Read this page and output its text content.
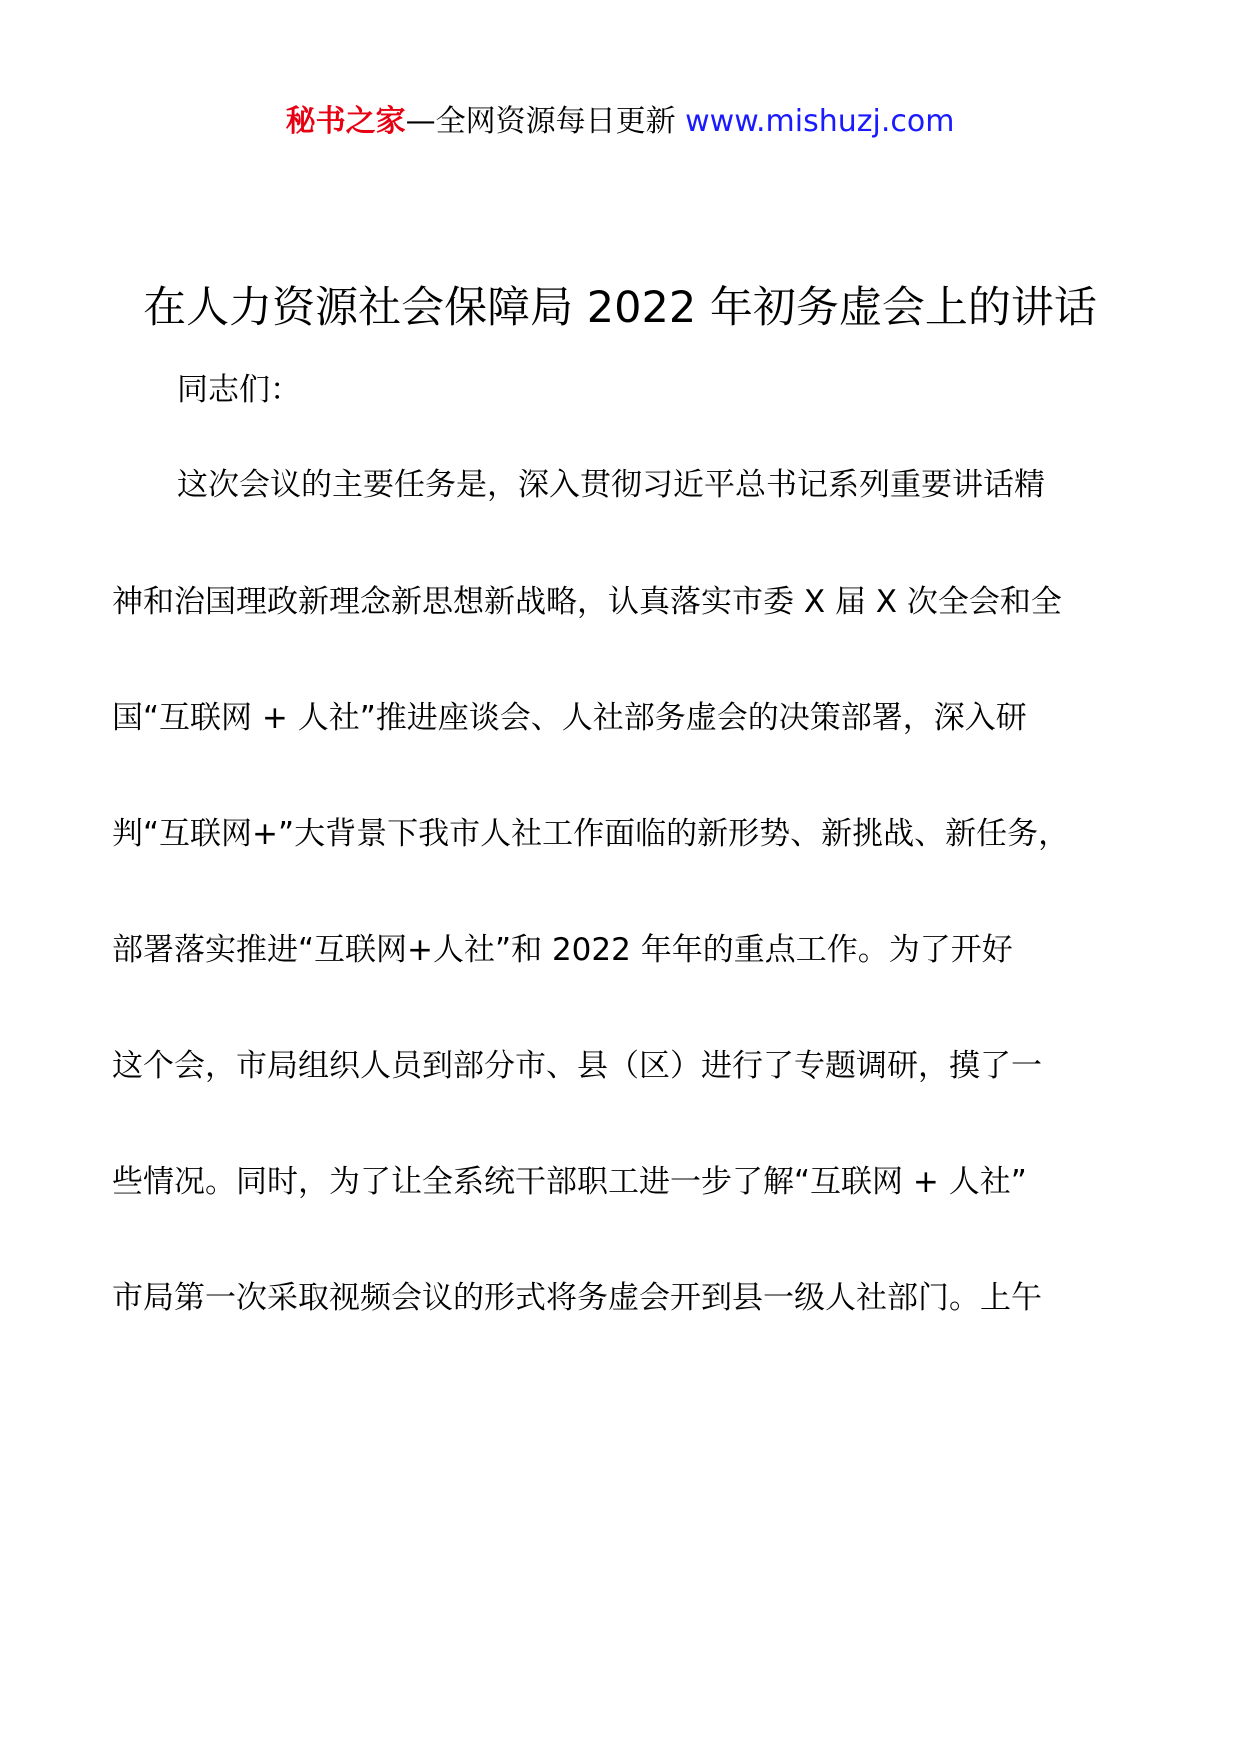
秘书之家—全网资源每日更新 www.mishuzj.com
在人力资源社会保障局 2022 年初务虚会上的讲话
同志们：
这次会议的主要任务是，深入贯彻习近平总书记系列重要讲话精
神和治国理政新理念新思想新战略，认真落实市委 X 届 X 次全会和全
国“互联网 + 人社”推进座谈会、人社部务虚会的决策部署，深入研
判“互联网+”大背景下我市人社工作面临的新形势、新挑战、新任务，
部署落实推进“互联网+人社”和 2022 年年的重点工作。为了开好
这个会，市局组织人员到部分市、县（区）进行了专题调研，摸了一
些情况。同时，为了让全系统干部职工进一步了解“互联网 + 人社”
市局第一次采取视频会议的形式将务虚会开到县一级人社部门。上午
